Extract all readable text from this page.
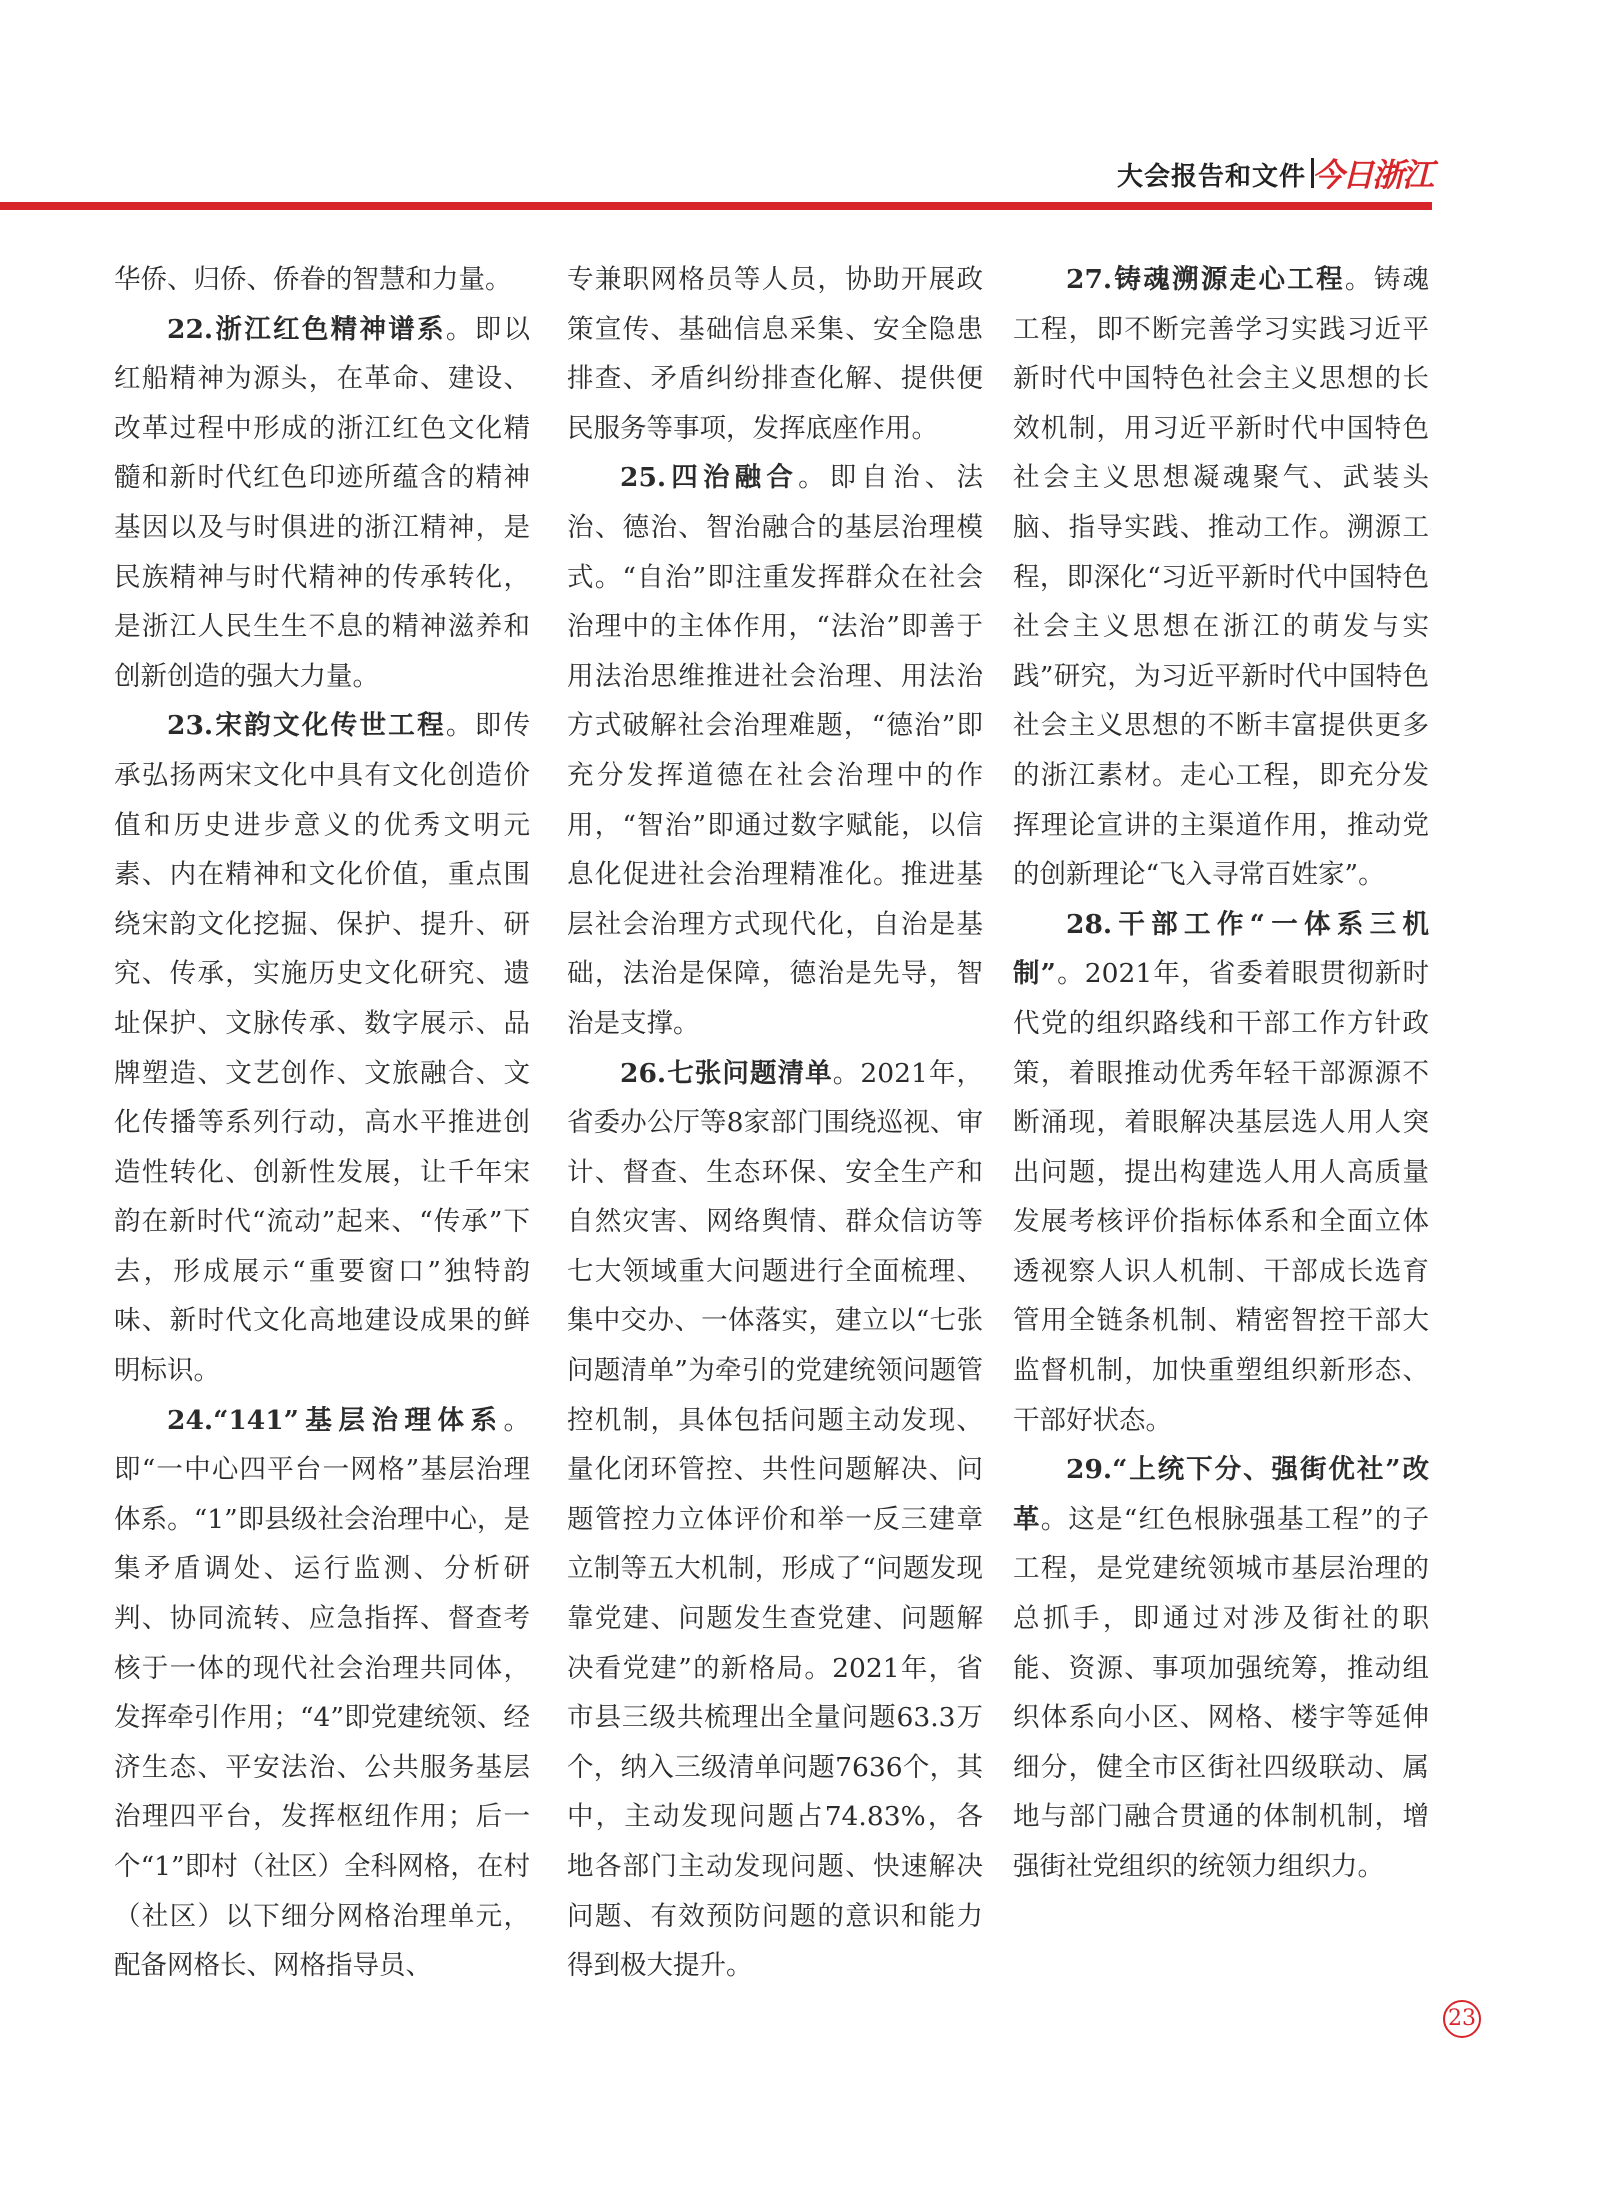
大会报告和文件 今日浙江

华侨、归侨、侨眷的智慧和力量。

22.浙江红色精神谱系。即以红船精神为源头，在革命、建设、改革过程中形成的浙江红色文化精髓和新时代红色印迹所蕴含的精神基因以及与时俱进的浙江精神，是民族精神与时代精神的传承转化，是浙江人民生生不息的精神滋养和创新创造的强大力量。

23.宋韵文化传世工程。即传承弘扬两宋文化中具有文化创造价值和历史进步意义的优秀文明元素、内在精神和文化价值，重点围绕宋韵文化挖掘、保护、提升、研究、传承，实施历史文化研究、遗址保护、文脉传承、数字展示、品牌塑造、文艺创作、文旅融合、文化传播等系列行动，高水平推进创造性转化、创新性发展，让千年宋韵在新时代“流动”起来、“传承”下去，形成展示“重要窗口”独特韵味、新时代文化高地建设成果的鲜明标识。

24.“141”基层治理体系。即“一中心四平台一网格”基层治理体系。“1”即县级社会治理中心，是集矛盾调处、运行监测、分析研判、协同流转、应急指挥、督查考核于一体的现代社会治理共同体，发挥牵引作用；“4”即党建统领、经济生态、平安法治、公共服务基层治理四平台，发挥枢纽作用；后一个“1”即村（社区）全科网格，在村（社区）以下细分网格治理单元，配备网格长、网格指导员、

专兼职网格员等人员，协助开展政策宣传、基础信息采集、安全隐患排查、矛盾纠纷排查化解、提供便民服务等事项，发挥底座作用。

25.四治融合。即自治、法治、德治、智治融合的基层治理模式。“自治”即注重发挥群众在社会治理中的主体作用，“法治”即善于用法治思维推进社会治理、用法治方式破解社会治理难题，“德治”即充分发挥道德在社会治理中的作用，“智治”即通过数字赋能，以信息化促进社会治理精准化。推进基层社会治理方式现代化，自治是基础，法治是保障，德治是先导，智治是支撑。

26.七张问题清单。2021年，省委办公厅等8家部门围绕巡视、审计、督查、生态环保、安全生产和自然灾害、网络舆情、群众信访等七大领域重大问题进行全面梳理、集中交办、一体落实，建立以“七张问题清单”为牵引的党建统领问题管控机制，具体包括问题主动发现、量化闭环管控、共性问题解决、问题管控力立体评价和举一反三建章立制等五大机制，形成了“问题发现靠党建、问题发生查党建、问题解决看党建”的新格局。2021年，省市县三级共梳理出全量问题63.3万个，纳入三级清单问题7636个，其中，主动发现问题占74.83%，各地各部门主动发现问题、快速解决问题、有效预防问题的意识和能力得到极大提升。

27.铸魂溯源走心工程。铸魂工程，即不断完善学习实践习近平新时代中国特色社会主义思想的长效机制，用习近平新时代中国特色社会主义思想凝魂聚气、武装头脑、指导实践、推动工作。溯源工程，即深化“习近平新时代中国特色社会主义思想在浙江的萌发与实践”研究，为习近平新时代中国特色社会主义思想的不断丰富提供更多的浙江素材。走心工程，即充分发挥理论宣讲的主渠道作用，推动党的创新理论“飞入寻常百姓家”。

28.干部工作“一体系三机制”。2021年，省委着眼贯彻新时代党的组织路线和干部工作方针政策，着眼推动优秀年轻干部源源不断涌现，着眼解决基层选人用人突出问题，提出构建选人用人高质量发展考核评价指标体系和全面立体透视察人识人机制、干部成长选育管用全链条机制、精密智控干部大监督机制，加快重塑组织新形态、干部好状态。

29.“上统下分、强街优社”改革。这是“红色根脉强基工程”的子工程，是党建统领城市基层治理的总抓手，即通过对涉及街社的职能、资源、事项加强统筹，推动组织体系向小区、网格、楼宇等延伸细分，健全市区街社四级联动、属地与部门融合贯通的体制机制，增强街社党组织的统领力组织力。

23
